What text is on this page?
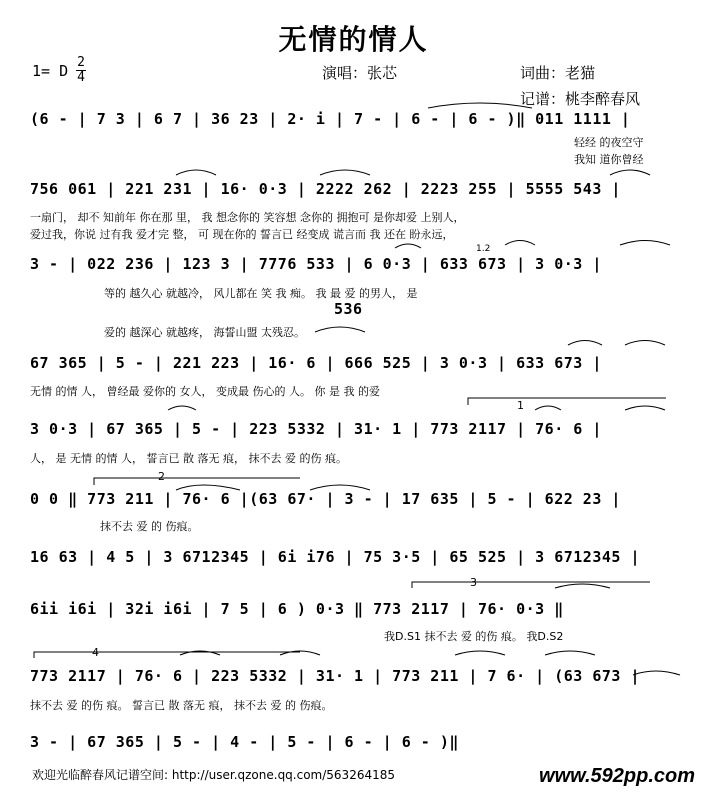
无情的情人
1= D 2
4	演唱：张芯	词曲：老猫
记谱：桃李醉春风
1
2
3
4
1.2
(6 - | 7 3 | 6 7 | 36 23 | 2· i | 7 - | 6 - | 6 - )‖ 011 1111 |
轻经 的夜空守
我知 道你曾经
756 061 | 221 231 | 16· 0·3 | 2222 262 | 2223 255 | 5555 543 |
一扇门， 却不 知前年 你在那 里， 我 想念你的 笑容想 念你的 拥抱可 是你却爱 上别人，
爱过我，你说 过有我 爱才完 整， 可 现在你的 誓言已 经变成 谎言而 我 还在 盼永远，
3 - | 022 236 | 123 3 | 7776 533 | 6 0·3 | 633 673 | 3 0·3 |
等的 越久心 就越冷， 风儿都在 笑 我 痴。 我 最 爱 的男人， 是
536
爱的 越深心 就越疼， 海誓山盟 太残忍。
67 365 | 5 - | 221 223 | 16· 6 | 666 525 | 3 0·3 | 633 673 |
无情 的情 人， 曾经最 爱你的 女人， 变成最 伤心的 人。 你 是 我 的爱
3 0·3 | 67 365 | 5 - | 223 5332 | 31· 1 | 773 2117 | 76· 6 |
人， 是 无情 的情 人， 誓言已 散 落无 痕， 抹不去 爱 的伤 痕。
0 0 ‖ 773 211 | 76· 6 |(63 67· | 3 - | 17 635 | 5 - | 622 23 |
抹不去 爱 的 伤痕。
16 63 | 4 5 | 3 6712345 | 6i i76 | 75 3·5 | 65 525 | 3 6712345 |
6ii i6i | 32i i6i | 7 5 | 6 ) 0·3 ‖ 773 2117 | 76· 0·3 ‖
我D.S1 抹不去 爱 的伤 痕。 我D.S2
773 2117 | 76· 6 | 223 5332 | 31· 1 | 773 211 | 7 6· | (63 673 |
抹不去 爱 的伤 痕。 誓言已 散 落无 痕， 抹不去 爱 的 伤痕。
3 - | 67 365 | 5 - | 4 - | 5 - | 6 - | 6 - )‖
欢迎光临醉春风记谱空间: http://user.qzone.qq.com/563264185	www.592pp.com
